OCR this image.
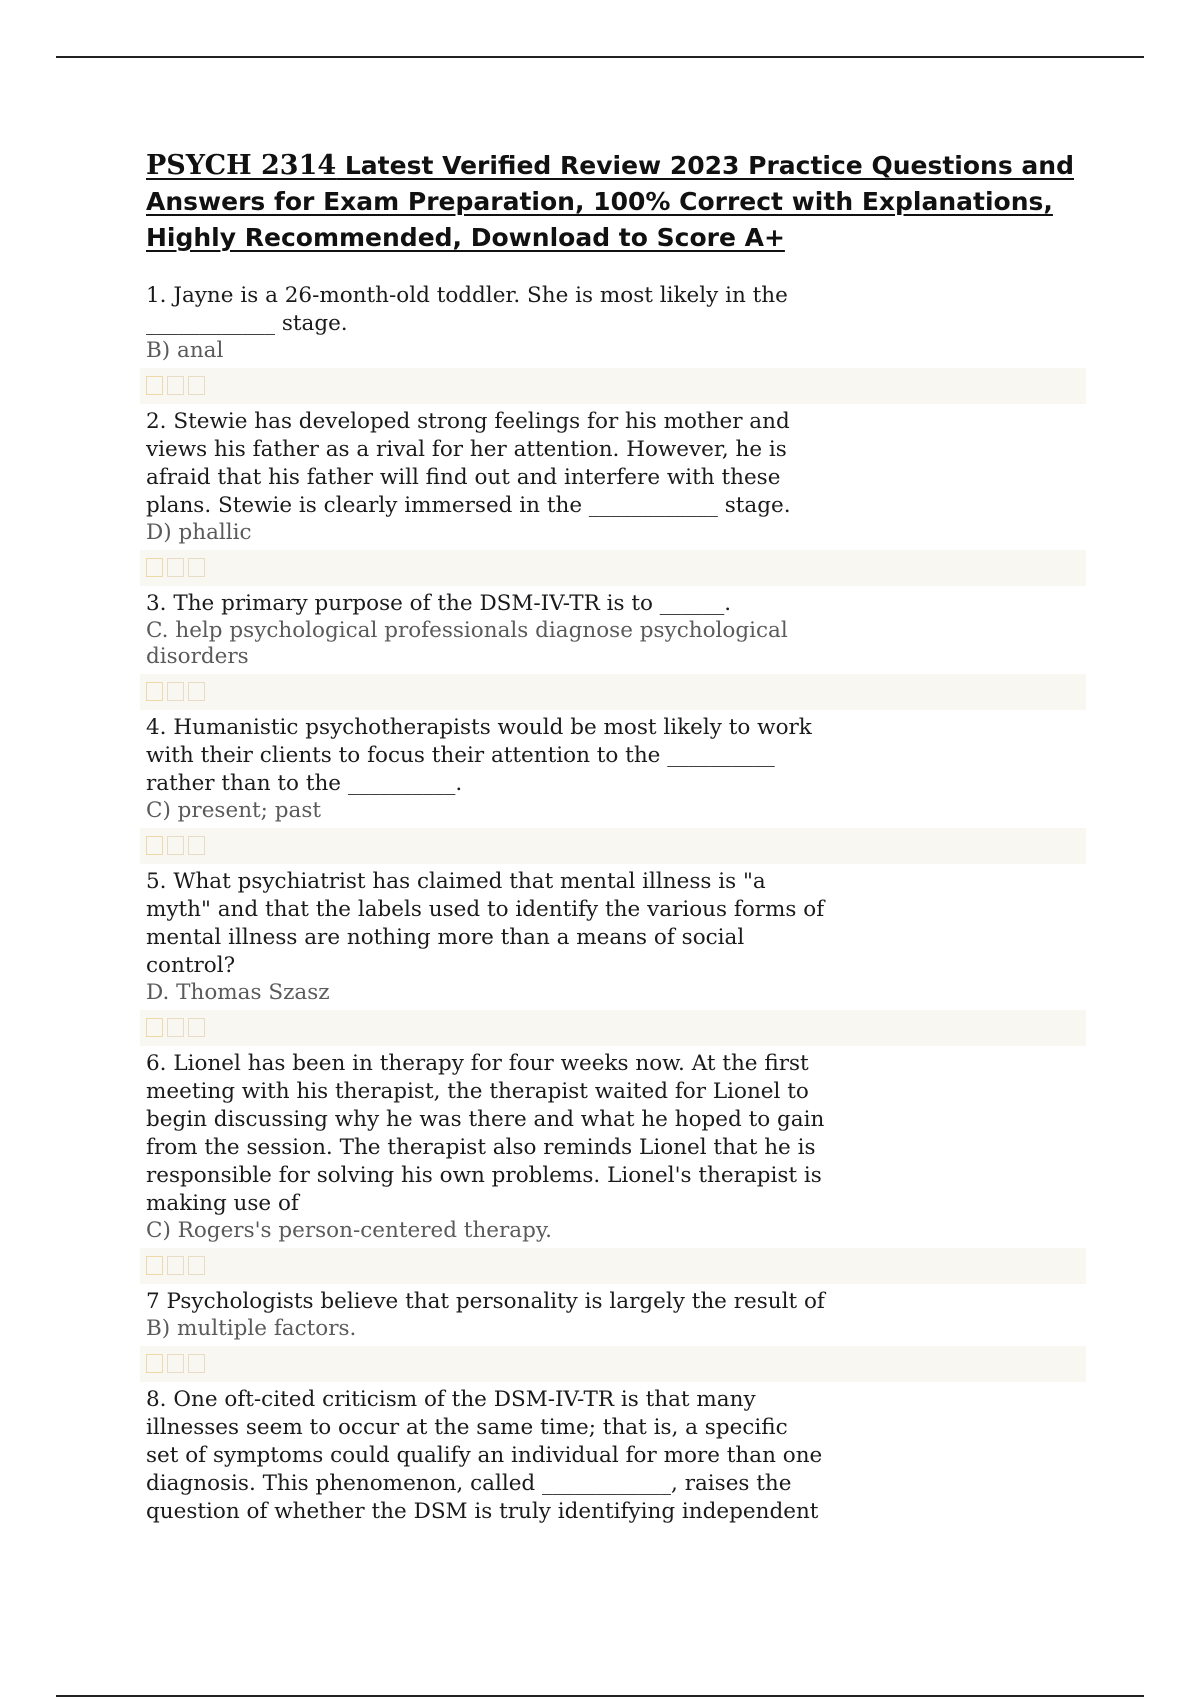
PSYCH 2314 Latest Verified Review 2023 Practice Questions and Answers for Exam Preparation, 100% Correct with Explanations, Highly Recommended, Download to Score A+
1. Jayne is a 26-month-old toddler. She is most likely in the ____________ stage.
B) anal
2. Stewie has developed strong feelings for his mother and views his father as a rival for her attention. However, he is afraid that his father will find out and interfere with these plans. Stewie is clearly immersed in the ____________ stage.
D) phallic
3. The primary purpose of the DSM-IV-TR is to ______.
C. help psychological professionals diagnose psychological disorders
4. Humanistic psychotherapists would be most likely to work with their clients to focus their attention to the __________ rather than to the __________.
C) present; past
5. What psychiatrist has claimed that mental illness is "a myth" and that the labels used to identify the various forms of mental illness are nothing more than a means of social control?
D. Thomas Szasz
6. Lionel has been in therapy for four weeks now. At the first meeting with his therapist, the therapist waited for Lionel to begin discussing why he was there and what he hoped to gain from the session. The therapist also reminds Lionel that he is responsible for solving his own problems. Lionel's therapist is making use of
C) Rogers's person-centered therapy.
7 Psychologists believe that personality is largely the result of
B) multiple factors.
8. One oft-cited criticism of the DSM-IV-TR is that many illnesses seem to occur at the same time; that is, a specific set of symptoms could qualify an individual for more than one diagnosis. This phenomenon, called ____________, raises the question of whether the DSM is truly identifying independent
